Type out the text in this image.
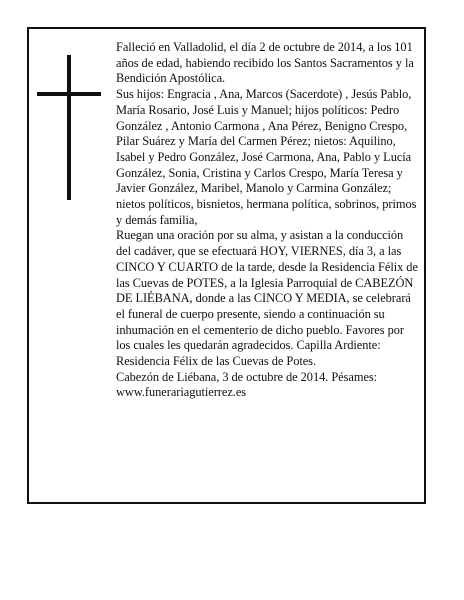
Falleció en Valladolid, el día 2 de octubre de 2014, a los 101 años de edad, habiendo recibido los Santos Sacramentos y la Bendición Apostólica.

Sus hijos: Engracia , Ana, Marcos (Sacerdote) , Jesús Pablo, María Rosario, José Luis y Manuel; hijos políticos: Pedro González , Antonio Carmona , Ana Pérez, Benigno Crespo, Pilar Suárez y María del Carmen Pérez; nietos: Aquilino, Isabel y Pedro González, José Carmona, Ana, Pablo y Lucía González, Sonia, Cristina y Carlos Crespo, María Teresa y Javier González, Maribel, Manolo y Carmina González; nietos políticos, bisnietos, hermana política, sobrinos, primos y demás familia,

Ruegan una oración por su alma, y asistan a la conducción del cadáver, que se efectuará HOY, VIERNES, día 3, a las CINCO Y CUARTO de la tarde, desde la Residencia Félix de las Cuevas de POTES, a la Iglesia Parroquial de CABEZÓN DE LIÉBANA, donde a las CINCO Y MEDIA, se celebrará el funeral de cuerpo presente, siendo a continuación su inhumación en el cementerio de dicho pueblo. Favores por los cuales les quedarán agradecidos. Capilla Ardiente: Residencia Félix de las Cuevas de Potes.

Cabezón de Liébana, 3 de octubre de 2014. Pésames: www.funerariagutierrez.es
